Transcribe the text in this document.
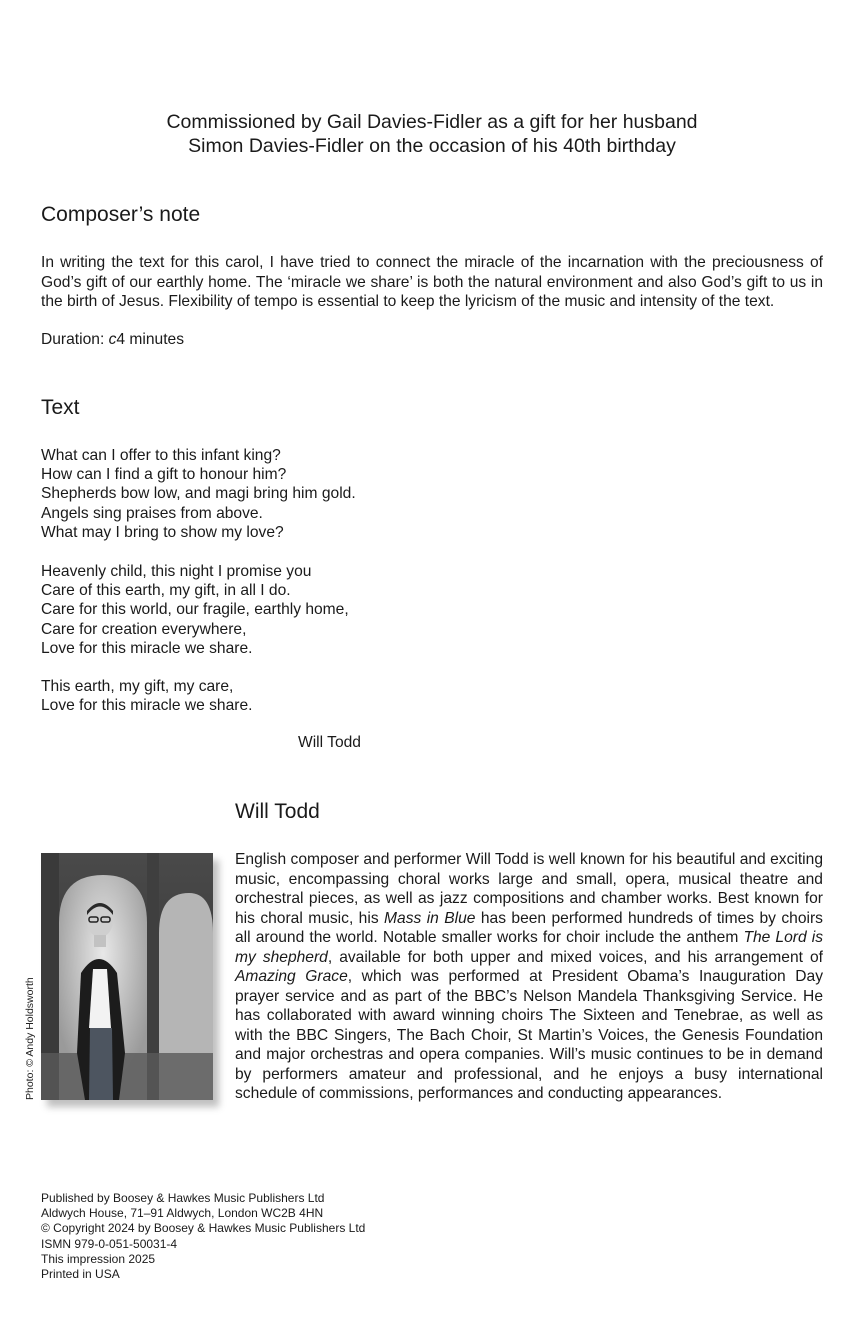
Commissioned by Gail Davies-Fidler as a gift for her husband
Simon Davies-Fidler on the occasion of his 40th birthday
Composer’s note

In writing the text for this carol, I have tried to connect the miracle of the incarnation with the preciousness of God’s gift of our earthly home. The ‘miracle we share’ is both the natural environment and also God’s gift to us in the birth of Jesus. Flexibility of tempo is essential to keep the lyricism of the music and intensity of the text.

Duration: c4 minutes

Text
What can I offer to this infant king?
How can I find a gift to honour him?
Shepherds bow low, and magi bring him gold.
Angels sing praises from above.
What may I bring to show my love?
Heavenly child, this night I promise you
Care of this earth, my gift, in all I do.
Care for this world, our fragile, earthly home,
Care for creation everywhere,
Love for this miracle we share.
This earth, my gift, my care,
Love for this miracle we share.

Will Todd

Will Todd
Photo: © Andy Holdsworth

English composer and performer Will Todd is well known for his beautiful and exciting music, encompassing choral works large and small, opera, musical theatre and orchestral pieces, as well as jazz compositions and chamber works. Best known for his choral music, his Mass in Blue has been performed hundreds of times by choirs all around the world. Notable smaller works for choir include the anthem The Lord is my shepherd, available for both upper and mixed voices, and his arrangement of Amazing Grace, which was performed at President Obama’s Inauguration Day prayer service and as part of the BBC’s Nelson Mandela Thanksgiving Service. He has collaborated with award winning choirs The Sixteen and Tenebrae, as well as with the BBC Singers, The Bach Choir, St Martin’s Voices, the Genesis Foundation and major orchestras and opera companies. Will’s music continues to be in demand by performers amateur and professional, and he enjoys a busy international schedule of commissions, performances and conducting appearances.

Published by Boosey & Hawkes Music Publishers Ltd
Aldwych House, 71–91 Aldwych, London WC2B 4HN
© Copyright 2024 by Boosey & Hawkes Music Publishers Ltd
ISMN 979-0-051-50031-4
This impression 2025
Printed in USA
